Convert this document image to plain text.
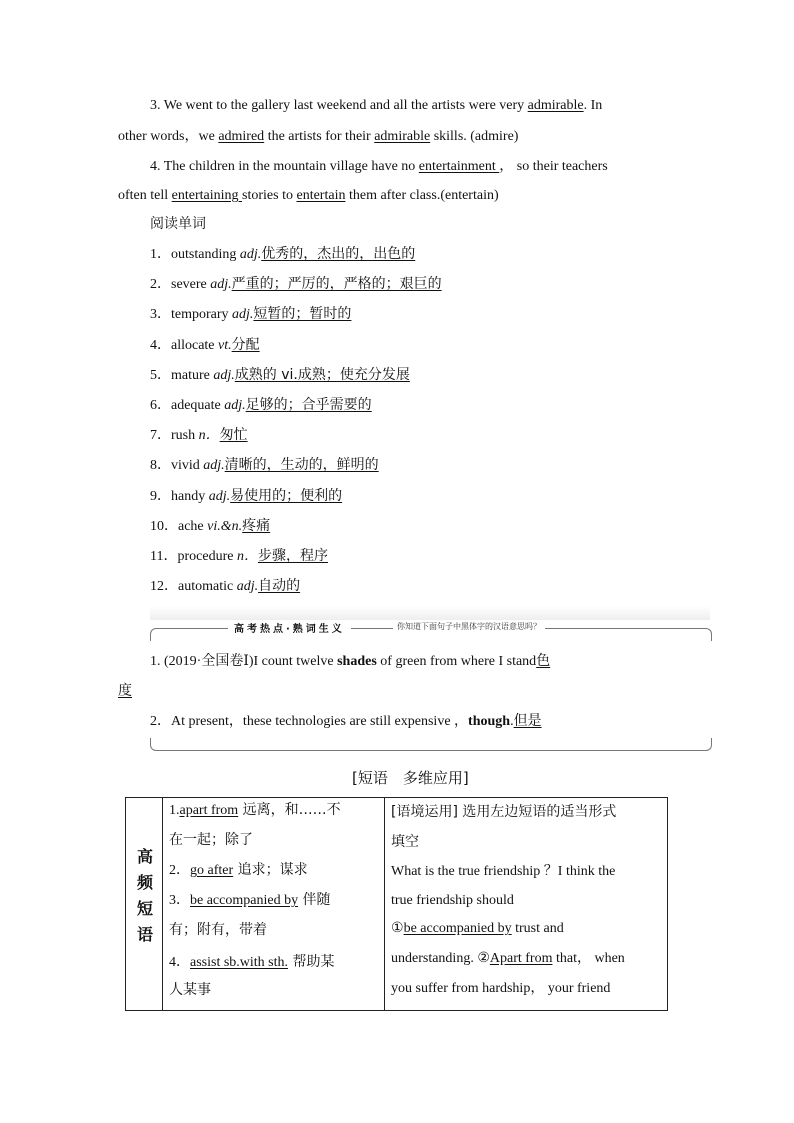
3. We went to the gallery last weekend and all the artists were very admirable. In
other words，we admired the artists for their admirable skills. (admire)
4. The children in the mountain village have no entertainment ， so their teachers
often tell entertaining stories to entertain them after class.(entertain)
阅读单词
1．outstanding adj.优秀的，杰出的，出色的
2．severe adj.严重的；严厉的，严格的；艰巨的
3．temporary adj.短暂的；暂时的
4．allocate vt.分配
5．mature adj.成熟的 vi.成熟；使充分发展
6．adequate adj.足够的；合乎需要的
7．rush n．匆忙
8．vivid adj.清晰的，生动的，鲜明的
9．handy adj.易使用的；便利的
10．ache vi.&n.疼痛
11．procedure n．步骤，程序
12．automatic adj.自动的
高考热点·熟词生义	你知道下面句子中黑体字的汉语意思吗？
1. (2019·全国卷Ⅰ)I count twelve shades of green from where I stand色
度
2．At present，these technologies are still expensive ，though.但是
[短语　多维应用]
高
频
短
语
1.apart from 远离，和……不
在一起；除了
2．go after 追求；谋求
3．be accompanied by 伴随
有；附有，带着
4．assist sb.with sth. 帮助某
人某事
[语境运用] 选用左边短语的适当形式
填空
What is the true friendship ？I think the
true friendship should
①be accompanied by trust and
understanding. ②Apart from that， when
you suffer from hardship， your friend
